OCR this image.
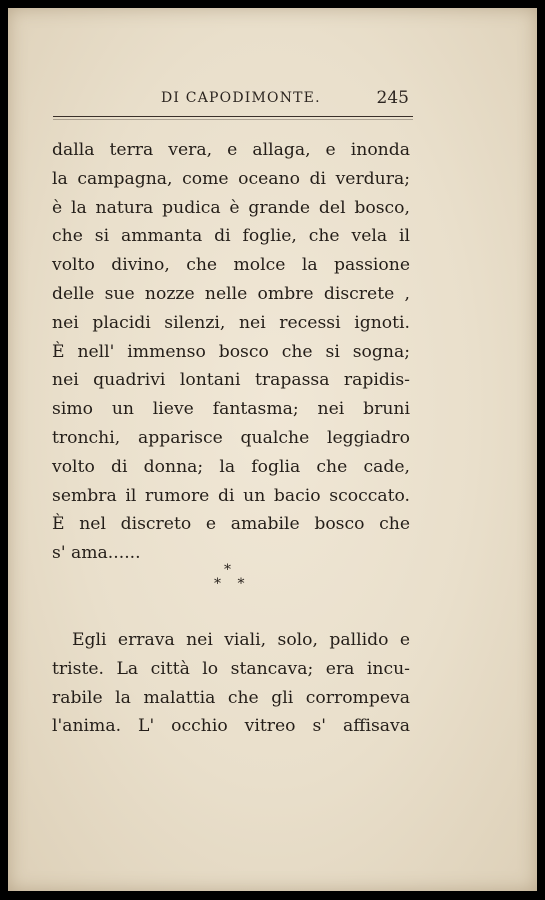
DI CAPODIMONTE.	245
dalla terra vera, e allaga, e inonda
la campagna, come oceano di verdura;
è la natura pudica è grande del bosco,
che si ammanta di foglie, che vela il
volto divino, che molce la passione
delle sue nozze nelle ombre discrete ,
nei placidi silenzi, nei recessi ignoti.
È nell' immenso bosco che si sogna;
nei quadrivi lontani trapassa rapidis-
simo un lieve fantasma; nei bruni
tronchi, apparisce qualche leggiadro
volto di donna; la foglia che cade,
sembra il rumore di un bacio scoccato.
È nel discreto e amabile bosco che
s' ama......
*
* *
Egli errava nei viali, solo, pallido e
triste. La città lo stancava; era incu-
rabile la malattia che gli corrompeva
l'anima. L' occhio vitreo s' affisava
